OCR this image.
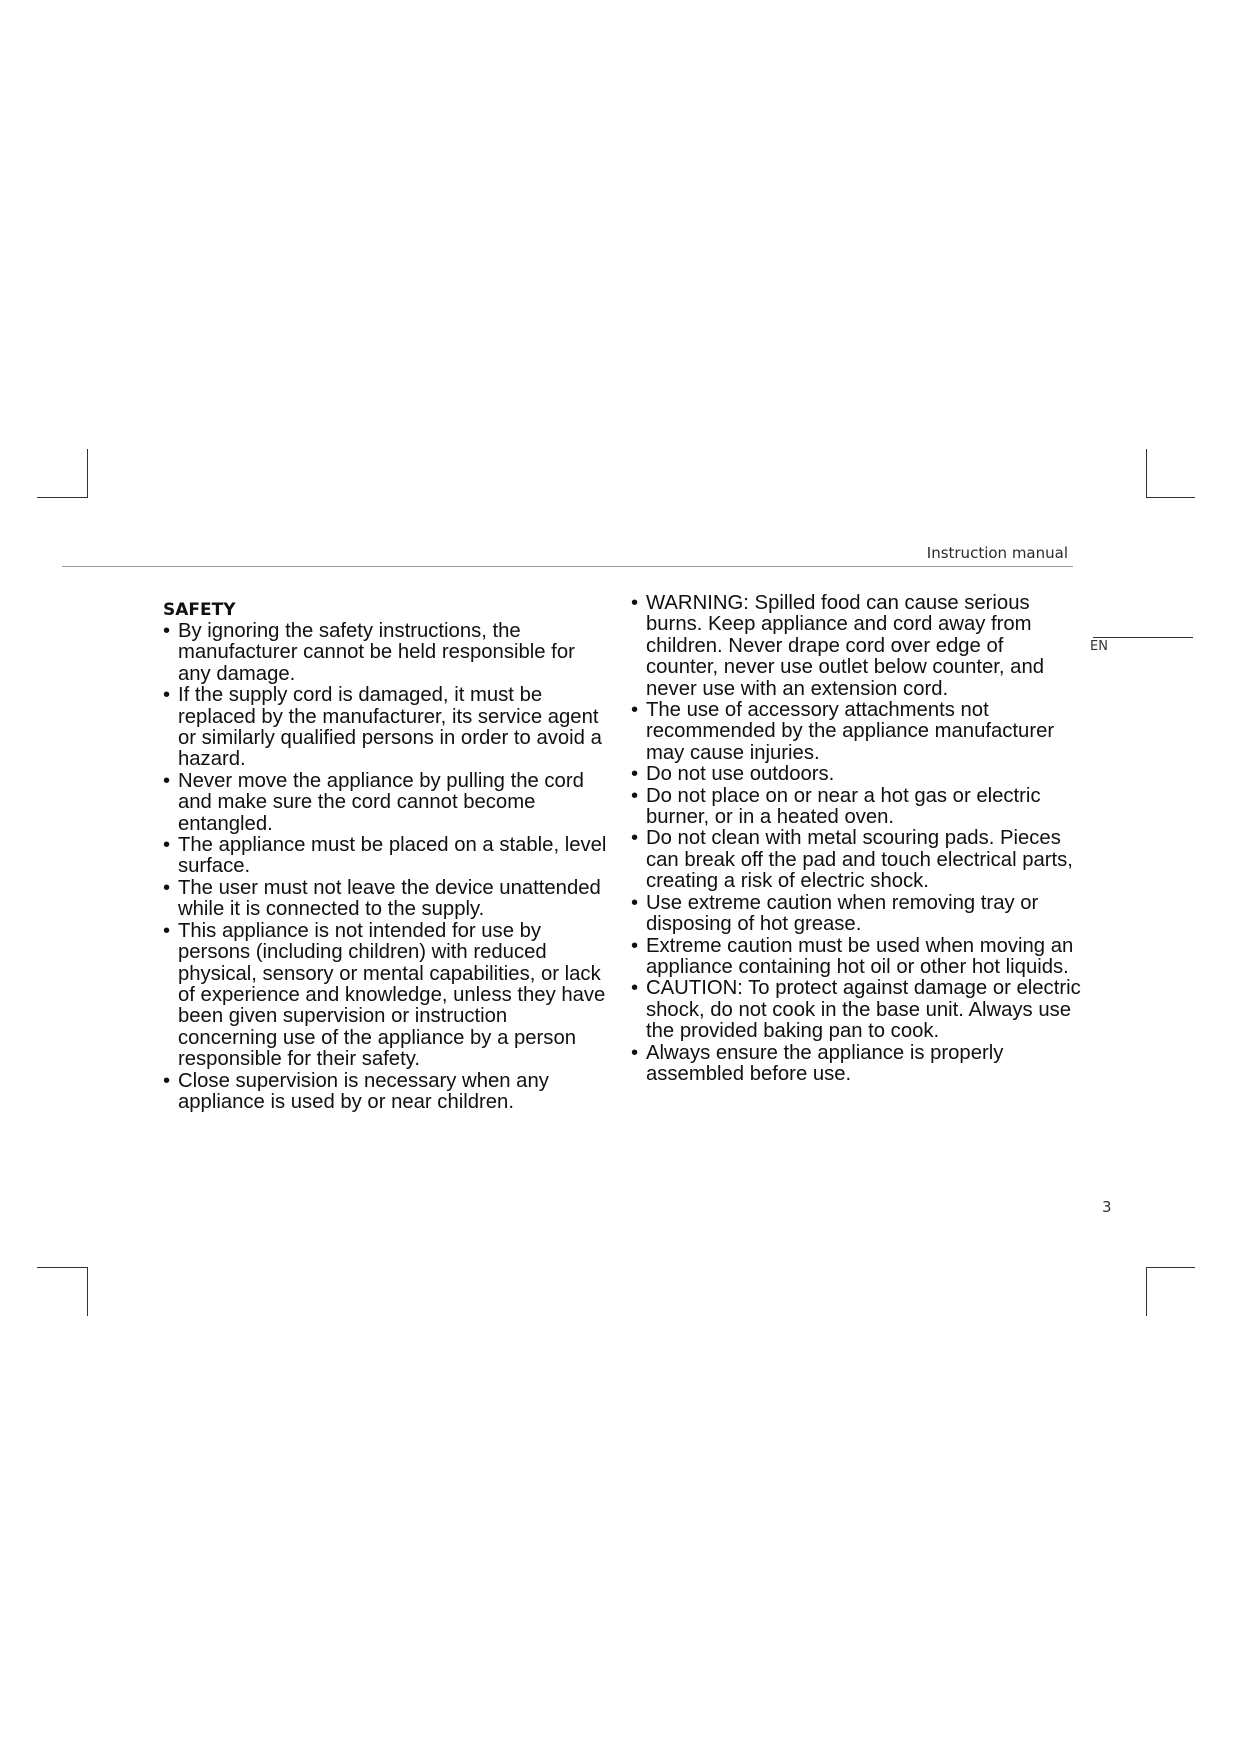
Instruction manual
EN
SAFETY
• By ignoring the safety instructions, the manufacturer cannot be held responsible for any damage.
• If the supply cord is damaged, it must be replaced by the manufacturer, its service agent or similarly qualified persons in order to avoid a hazard.
• Never move the appliance by pulling the cord and make sure the cord cannot become entangled.
• The appliance must be placed on a stable, level surface.
• The user must not leave the device unattended while it is connected to the supply.
• This appliance is not intended for use by persons (including children) with reduced physical, sensory or mental capabilities, or lack of experience and knowledge, unless they have been given supervision or instruction concerning use of the appliance by a person responsible for their safety.
• Close supervision is necessary when any appliance is used by or near children.
• WARNING: Spilled food can cause serious burns. Keep appliance and cord away from children. Never drape cord over edge of counter, never use outlet below counter, and never use with an extension cord.
• The use of accessory attachments not recommended by the appliance manufacturer may cause injuries.
• Do not use outdoors.
• Do not place on or near a hot gas or electric burner, or in a heated oven.
• Do not clean with metal scouring pads. Pieces can break off the pad and touch electrical parts, creating a risk of electric shock.
• Use extreme caution when removing tray or disposing of hot grease.
• Extreme caution must be used when moving an appliance containing hot oil or other hot liquids.
• CAUTION: To protect against damage or electric shock, do not cook in the base unit. Always use the provided baking pan to cook.
• Always ensure the appliance is properly assembled before use.
3
